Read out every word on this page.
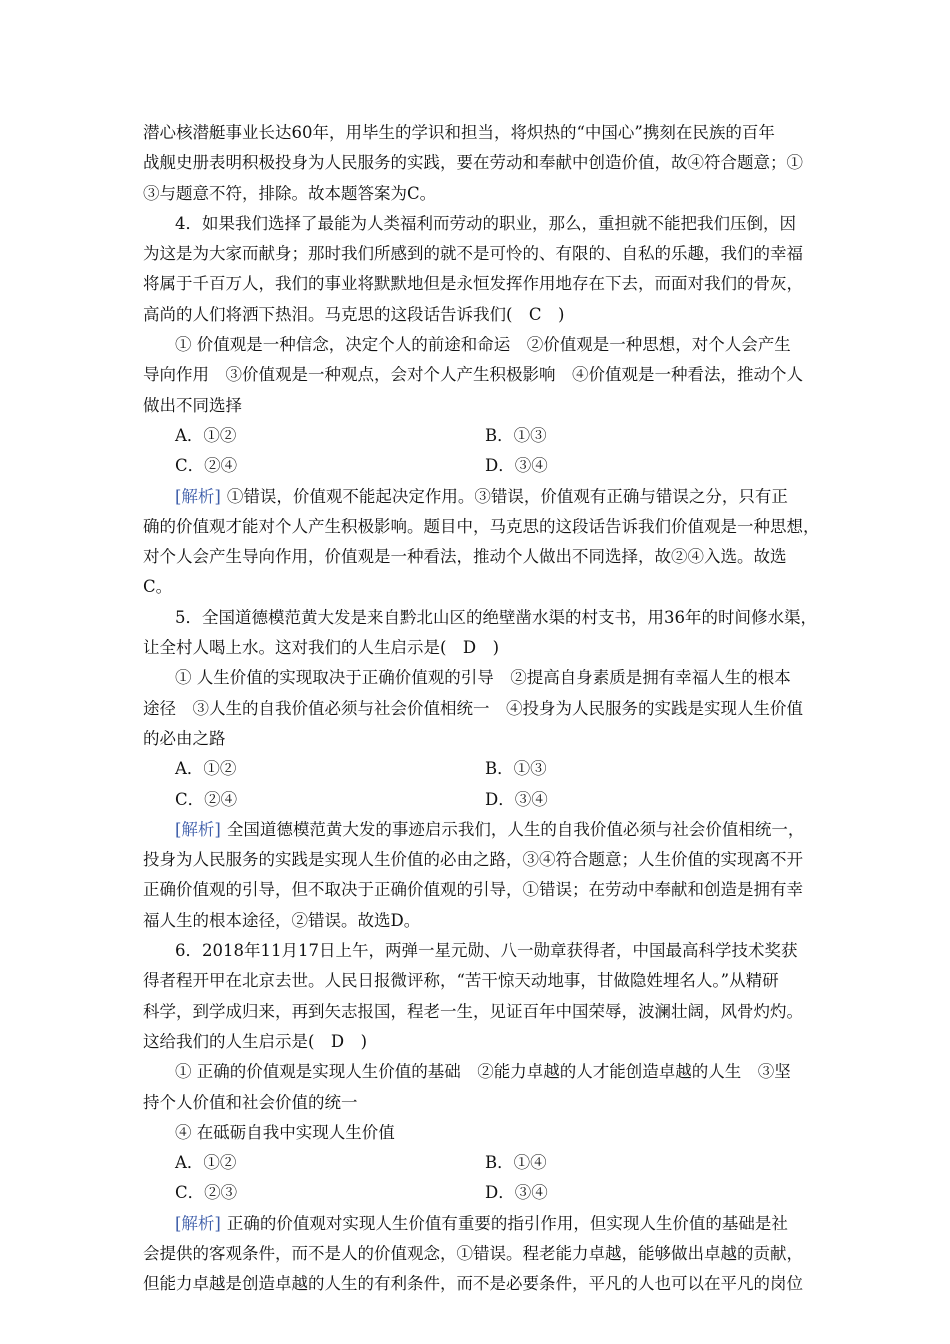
潜心核潜艇事业长达60年，用毕生的学识和担当，将炽热的“中国心”携刻在民族的百年
战舰史册表明积极投身为人民服务的实践，要在劳动和奉献中创造价值，故④符合题意；①
③与题意不符，排除。故本题答案为C。
4．如果我们选择了最能为人类福利而劳动的职业，那么，重担就不能把我们压倒，因
为这是为大家而献身；那时我们所感到的就不是可怜的、有限的、自私的乐趣，我们的幸福
将属于千百万人，我们的事业将默默地但是永恒发挥作用地存在下去，而面对我们的骨灰，
高尚的人们将洒下热泪。马克思的这段话告诉我们(　C　)
① 价值观是一种信念，决定个人的前途和命运　②价值观是一种思想，对个人会产生
导向作用　③价值观是一种观点，会对个人产生积极影响　④价值观是一种看法，推动个人
做出不同选择
A．①②	B．①③
C．②④	D．③④
[解析] ①错误，价值观不能起决定作用。③错误，价值观有正确与错误之分，只有正
确的价值观才能对个人产生积极影响。题目中，马克思的这段话告诉我们价值观是一种思想，
对个人会产生导向作用，价值观是一种看法，推动个人做出不同选择，故②④入选。故选
C。
5．全国道德模范黄大发是来自黔北山区的绝壁凿水渠的村支书，用36年的时间修水渠，
让全村人喝上水。这对我们的人生启示是(　D　)
① 人生价值的实现取决于正确价值观的引导　②提高自身素质是拥有幸福人生的根本
途径　③人生的自我价值必须与社会价值相统一　④投身为人民服务的实践是实现人生价值
的必由之路
A．①②	B．①③
C．②④	D．③④
[解析] 全国道德模范黄大发的事迹启示我们，人生的自我价值必须与社会价值相统一，
投身为人民服务的实践是实现人生价值的必由之路，③④符合题意；人生价值的实现离不开
正确价值观的引导，但不取决于正确价值观的引导，①错误；在劳动中奉献和创造是拥有幸
福人生的根本途径，②错误。故选D。
6．2018年11月17日上午，两弹一星元勋、八一勋章获得者，中国最高科学技术奖获
得者程开甲在北京去世。人民日报微评称，“苦干惊天动地事，甘做隐姓埋名人。”从精研
科学，到学成归来，再到矢志报国，程老一生，见证百年中国荣辱，波澜壮阔，风骨灼灼。
这给我们的人生启示是(　D　)
① 正确的价值观是实现人生价值的基础　②能力卓越的人才能创造卓越的人生　③坚
持个人价值和社会价值的统一
④ 在砥砺自我中实现人生价值
A．①②	B．①④
C．②③	D．③④
[解析] 正确的价值观对实现人生价值有重要的指引作用，但实现人生价值的基础是社
会提供的客观条件，而不是人的价值观念，①错误。程老能力卓越，能够做出卓越的贡献，
但能力卓越是创造卓越的人生的有利条件，而不是必要条件，平凡的人也可以在平凡的岗位
